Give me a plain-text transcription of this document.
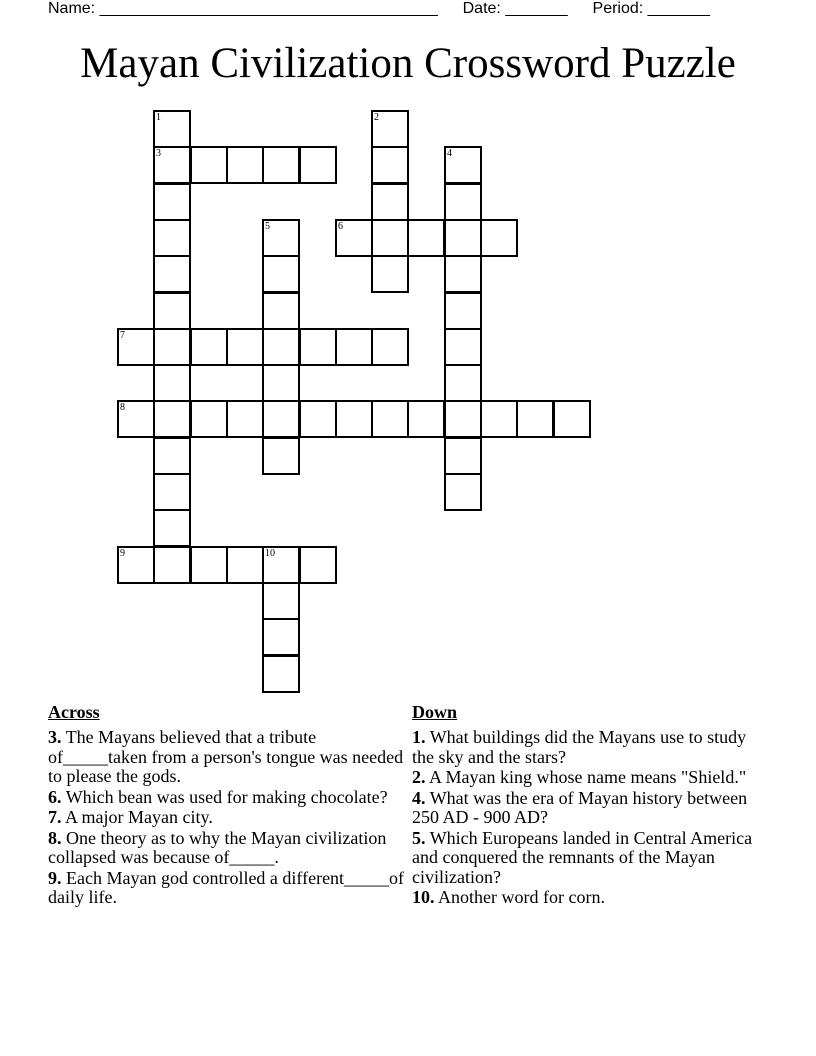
Name: ______________________________________ Date: _______ Period: _______
Mayan Civilization Crossword Puzzle
1
3
2
4
5	6
7
8
9	10
Across
3. The Mayans believed that a tribute of_____taken from a person's tongue was needed to please the gods.
6. Which bean was used for making chocolate?
7. A major Mayan city.
8. One theory as to why the Mayan civilization collapsed was because of_____.
9. Each Mayan god controlled a different_____of daily life.
Down
1. What buildings did the Mayans use to study the sky and the stars?
2. A Mayan king whose name means "Shield."
4. What was the era of Mayan history between 250 AD - 900 AD?
5. Which Europeans landed in Central America and conquered the remnants of the Mayan civilization?
10. Another word for corn.
